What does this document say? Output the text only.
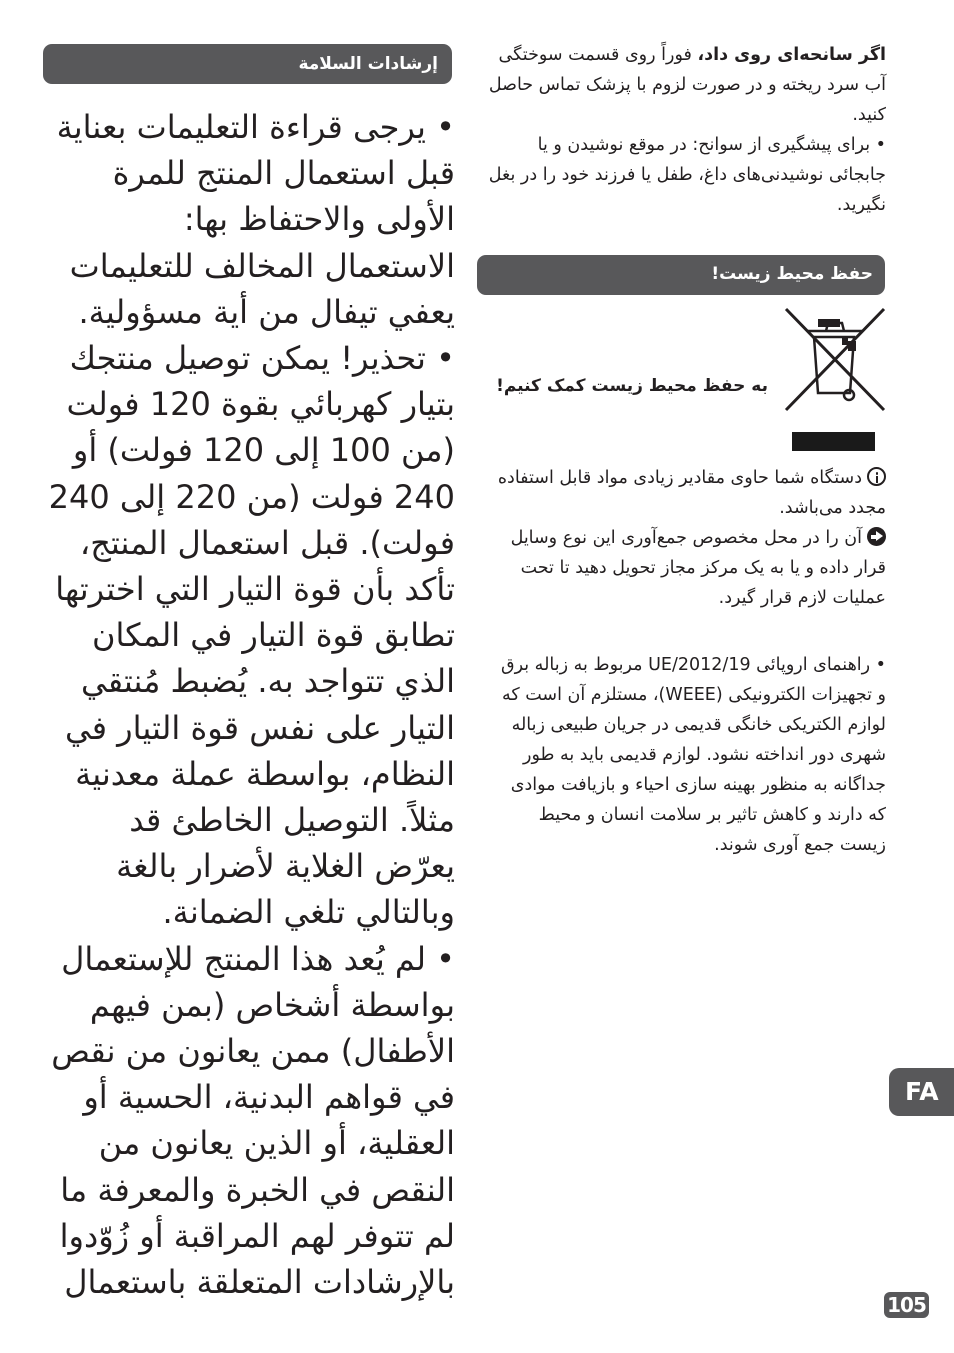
إرشادات السلامة

• يرجى قراءة التعليمات بعناية قبل استعمال المنتج للمرة الأولى والاحتفاظ بها: الاستعمال المخالف للتعليمات يعفي تيفال من أية مسؤولية.

• تحذير! يمكن توصيل منتجك بتيار كهربائي بقوة 120 فولت (من 100 إلى 120 فولت) أو 240 فولت (من 220 إلى 240 فولت). قبل استعمال المنتج، تأكد بأن قوة التيار التي اخترتها تطابق قوة التيار في المكان الذي تتواجد به. يُضبط مُنتقي التيار على نفس قوة التيار في النظام، بواسطة عملة معدنية مثلاً. التوصيل الخاطئ قد يعرّض الغلاية لأضرار بالغة وبالتالي تلغي الضمانة.

• لم يُعد هذا المنتج للإستعمال بواسطة أشخاص (بمن فيهم الأطفال) ممن يعانون من نقص في قواهم البدنية، الحسية أو العقلية، أو الذين يعانون من النقص في الخبرة والمعرفة ما لم تتوفر لهم المراقبة أو زُوّدوا بالإرشادات المتعلقة باستعمال

اگر سانحه‌ای روی داد، فوراً روی قسمت سوختگی آب سرد ریخته و در صورت لزوم با پزشک تماس حاصل کنید.

• برای پیشگیری از سوانح: در موقع نوشیدن و یا جابجائی نوشیدنی‌های داغ، طفل یا فرزند خود را در بغل نگیرید.

حفظ محیط زیست!
به حفظ محیط زیست کمک کنیم!

دستگاه شما حاوی مقادیر زیادی مواد قابل استفاده مجدد می‌باشد.

آن را در محل مخصوص جمع‌آوری این نوع وسایل قرار داده و یا به یک مرکز مجاز تحویل دهید تا تحت عملیات لازم قرار گیرد.

• راهنمای اروپائی UE/2012/19 مربوط به زباله برق و تجهیزات الکترونیکی (WEEE)، مستلزم آن است که لوازم الکتریکی خانگی قدیمی در جریان طبیعی زباله شهری دور انداخته نشود. لوازم قدیمی باید به طور جداگانه به منظور بهینه سازی احیاء و بازیافت موادی که دارند و کاهش تاثیر بر سلامت انسان و محیط زیست جمع آوری شوند.
FA
105
